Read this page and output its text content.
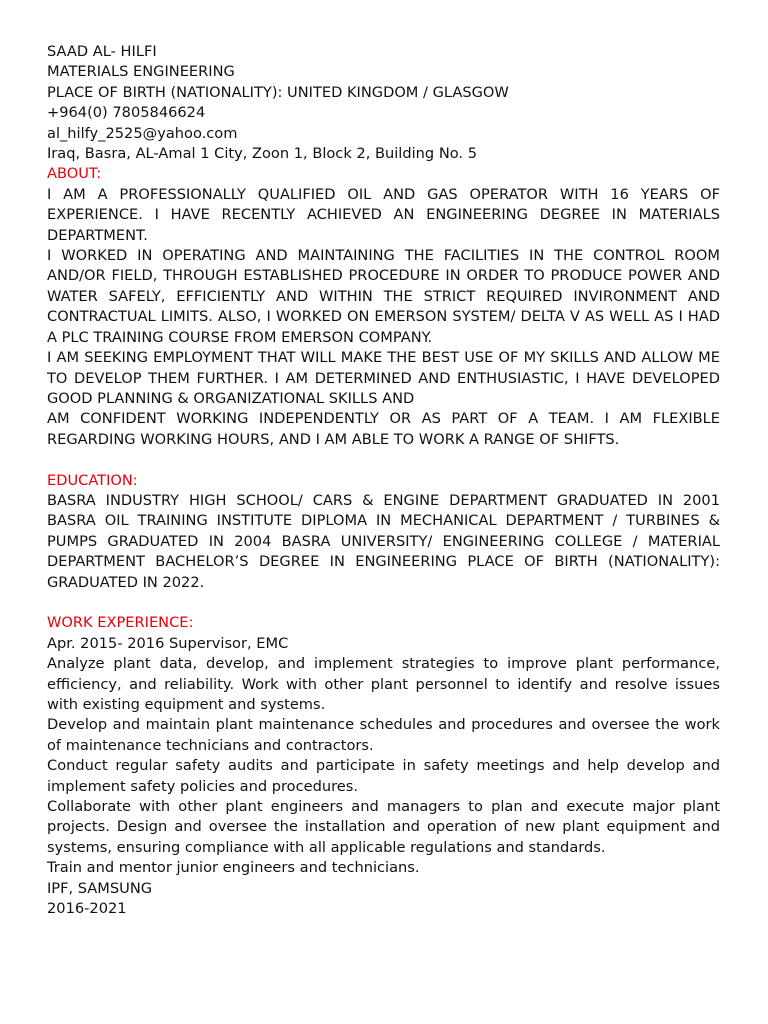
SAAD AL- HILFI
MATERIALS ENGINEERING
PLACE OF BIRTH (NATIONALITY): UNITED KINGDOM / GLASGOW
+964(0) 7805846624
al_hilfy_2525@yahoo.com
Iraq, Basra, AL-Amal 1 City, Zoon 1, Block 2, Building No. 5
ABOUT:
I AM A PROFESSIONALLY QUALIFIED OIL AND GAS OPERATOR WITH 16 YEARS OF EXPERIENCE. I HAVE RECENTLY ACHIEVED AN ENGINEERING DEGREE IN MATERIALS DEPARTMENT.
I WORKED IN OPERATING AND MAINTAINING THE FACILITIES IN THE CONTROL ROOM AND/OR FIELD, THROUGH ESTABLISHED PROCEDURE IN ORDER TO PRODUCE POWER AND WATER SAFELY, EFFICIENTLY AND WITHIN THE STRICT REQUIRED INVIRONMENT AND CONTRACTUAL LIMITS. ALSO, I WORKED ON EMERSON SYSTEM/ DELTA V AS WELL AS I HAD A PLC TRAINING COURSE FROM EMERSON COMPANY.
I AM SEEKING EMPLOYMENT THAT WILL MAKE THE BEST USE OF MY SKILLS AND ALLOW ME TO DEVELOP THEM FURTHER. I AM DETERMINED AND ENTHUSIASTIC, I HAVE DEVELOPED GOOD PLANNING & ORGANIZATIONAL SKILLS AND
AM CONFIDENT WORKING INDEPENDENTLY OR AS PART OF A TEAM. I AM FLEXIBLE REGARDING WORKING HOURS, AND I AM ABLE TO WORK A RANGE OF SHIFTS.
EDUCATION:
BASRA INDUSTRY HIGH SCHOOL/ CARS & ENGINE DEPARTMENT GRADUATED IN 2001 BASRA OIL TRAINING INSTITUTE DIPLOMA IN MECHANICAL DEPARTMENT / TURBINES & PUMPS GRADUATED IN 2004 BASRA UNIVERSITY/ ENGINEERING COLLEGE / MATERIAL DEPARTMENT BACHELOR’S DEGREE IN ENGINEERING PLACE OF BIRTH (NATIONALITY): GRADUATED IN 2022.
WORK EXPERIENCE:
Apr. 2015- 2016 Supervisor, EMC
Analyze plant data, develop, and implement strategies to improve plant performance, efficiency, and reliability. Work with other plant personnel to identify and resolve issues with existing equipment and systems.
Develop and maintain plant maintenance schedules and procedures and oversee the work of maintenance technicians and contractors.
Conduct regular safety audits and participate in safety meetings and help develop and implement safety policies and procedures.
Collaborate with other plant engineers and managers to plan and execute major plant projects. Design and oversee the installation and operation of new plant equipment and systems, ensuring compliance with all applicable regulations and standards.
Train and mentor junior engineers and technicians.
IPF, SAMSUNG
2016-2021
